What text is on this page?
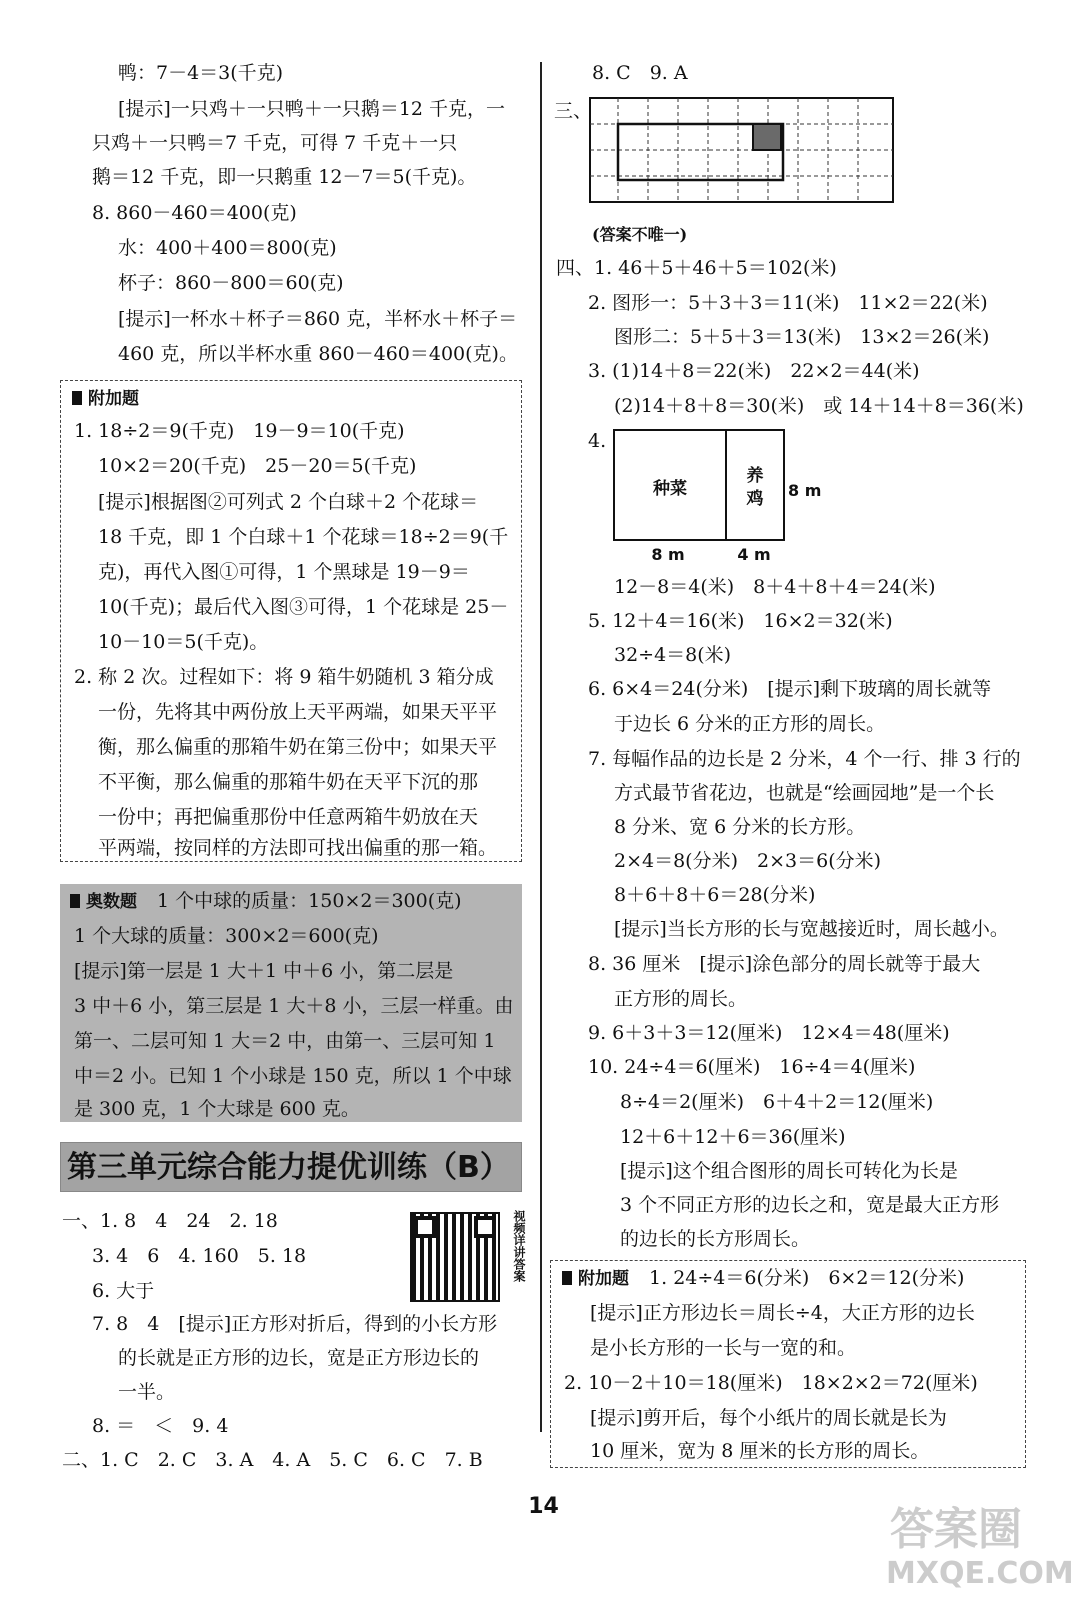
鸭：7－4＝3(千克)
[提示]一只鸡＋一只鸭＋一只鹅＝12 千克，一
只鸡＋一只鸭＝7 千克，可得 7 千克＋一只
鹅＝12 千克，即一只鹅重 12－7＝5(千克)。
8. 860－460＝400(克)
水：400＋400＝800(克)
杯子：860－800＝60(克)
[提示]一杯水＋杯子＝860 克，半杯水＋杯子＝
460 克，所以半杯水重 860－460＝400(克)。
附加题
1. 18÷2＝9(千克)　19－9＝10(千克)
10×2＝20(千克)　25－20＝5(千克)
[提示]根据图②可列式 2 个白球＋2 个花球＝
18 千克，即 1 个白球＋1 个花球＝18÷2＝9(千
克)，再代入图①可得，1 个黑球是 19－9＝
10(千克)；最后代入图③可得，1 个花球是 25－
10－10＝5(千克)。
2. 称 2 次。过程如下：将 9 箱牛奶随机 3 箱分成
一份，先将其中两份放上天平两端，如果天平平
衡，那么偏重的那箱牛奶在第三份中；如果天平
不平衡，那么偏重的那箱牛奶在天平下沉的那
一份中；再把偏重那份中任意两箱牛奶放在天
平两端，按同样的方法即可找出偏重的那一箱。
奥数题 1 个中球的质量：150×2＝300(克)
1 个大球的质量：300×2＝600(克)
[提示]第一层是 1 大＋1 中＋6 小，第二层是
3 中＋6 小，第三层是 1 大＋8 小，三层一样重。由
第一、二层可知 1 大＝2 中，由第一、三层可知 1
中＝2 小。已知 1 个小球是 150 克，所以 1 个中球
是 300 克，1 个大球是 600 克。
第三单元综合能力提优训练（B）
视频详讲答案
一、1. 8　4　24　2. 18
3. 4　6　4. 160　5. 18
6. 大于
7. 8　4　[提示]正方形对折后，得到的小长方形
的长就是正方形的边长，宽是正方形边长的
一半。
8. ＝　＜　9. 4
二、1. C　2. C　3. A　4. A　5. C　6. C　7. B
8. C　9. A
三、
(答案不唯一)
四、1. 46＋5＋46＋5＝102(米)
2. 图形一：5＋3＋3＝11(米)　11×2＝22(米)
图形二：5＋5＋3＝13(米)　13×2＝26(米)
3. (1)14＋8＝22(米)　22×2＝44(米)
(2)14＋8＋8＝30(米)　或 14＋14＋8＝36(米)
4.
种菜
养
鸡 8 m
8 m	4 m
12－8＝4(米)　8＋4＋8＋4＝24(米)
5. 12＋4＝16(米)　16×2＝32(米)
32÷4＝8(米)
6. 6×4＝24(分米)　[提示]剩下玻璃的周长就等
于边长 6 分米的正方形的周长。
7. 每幅作品的边长是 2 分米，4 个一行、排 3 行的
方式最节省花边，也就是“绘画园地”是一个长
8 分米、宽 6 分米的长方形。
2×4＝8(分米)　2×3＝6(分米)
8＋6＋8＋6＝28(分米)
[提示]当长方形的长与宽越接近时，周长越小。
8. 36 厘米　[提示]涂色部分的周长就等于最大
正方形的周长。
9. 6＋3＋3＝12(厘米)　12×4＝48(厘米)
10. 24÷4＝6(厘米)　16÷4＝4(厘米)
8÷4＝2(厘米)　6＋4＋2＝12(厘米)
12＋6＋12＋6＝36(厘米)
[提示]这个组合图形的周长可转化为长是
3 个不同正方形的边长之和，宽是最大正方形
的边长的长方形周长。
附加题 1. 24÷4＝6(分米)　6×2＝12(分米)
[提示]正方形边长＝周长÷4，大正方形的边长
是小长方形的一长与一宽的和。
2. 10－2＋10＝18(厘米)　18×2×2＝72(厘米)
[提示]剪开后，每个小纸片的周长就是长为
10 厘米，宽为 8 厘米的长方形的周长。
14	答案圈
MXQE.COM
